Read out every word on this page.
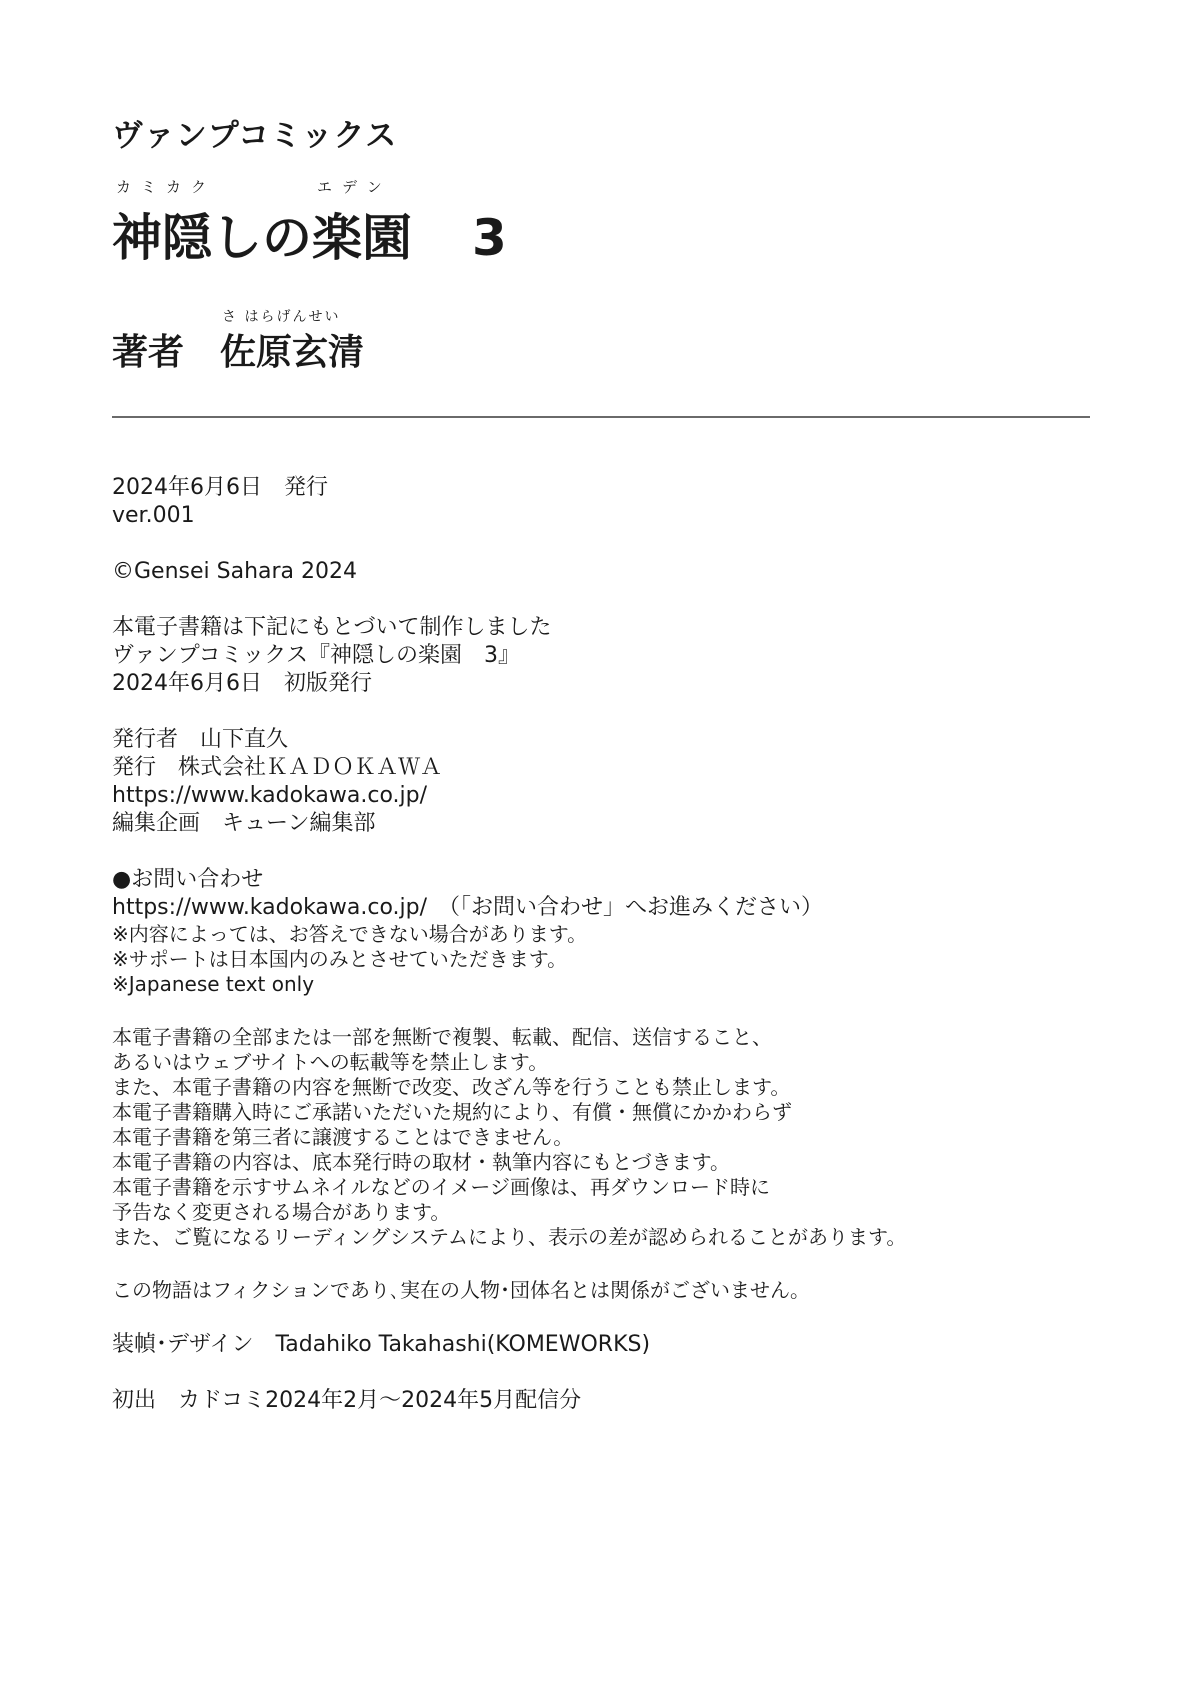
ヴァンプコミックス
カミカク	エデン
神隠しの楽園 3
さ はらげんせい
著者 佐原玄清
2024年6月6日　発行
ver.001
©Gensei Sahara 2024
本電子書籍は下記にもとづいて制作しました
ヴァンプコミックス『神隠しの楽園　3』
2024年6月6日　初版発行
発行者　山下直久
発行　株式会社ＫＡＤＯＫＡＷＡ
https://www.kadokawa.co.jp/
編集企画　キューン編集部
●お問い合わせ
https://www.kadokawa.co.jp/　（「お問い合わせ」へお進みください）
※内容によっては、お答えできない場合があります。
※サポートは日本国内のみとさせていただきます。
※Japanese text only
本電子書籍の全部または一部を無断で複製、転載、配信、送信すること、
あるいはウェブサイトへの転載等を禁止します。
また、本電子書籍の内容を無断で改変、改ざん等を行うことも禁止します。
本電子書籍購入時にご承諾いただいた規約により、有償・無償にかかわらず
本電子書籍を第三者に譲渡することはできません。
本電子書籍の内容は、底本発行時の取材・執筆内容にもとづきます。
本電子書籍を示すサムネイルなどのイメージ画像は、再ダウンロード時に
予告なく変更される場合があります。
また、ご覧になるリーディングシステムにより、表示の差が認められることがあります。
この物語はフィクションであり､実在の人物･団体名とは関係がございません｡
装幀･デザイン　Tadahiko Takahashi(KOMEWORKS)
初出　カドコミ2024年2月～2024年5月配信分
